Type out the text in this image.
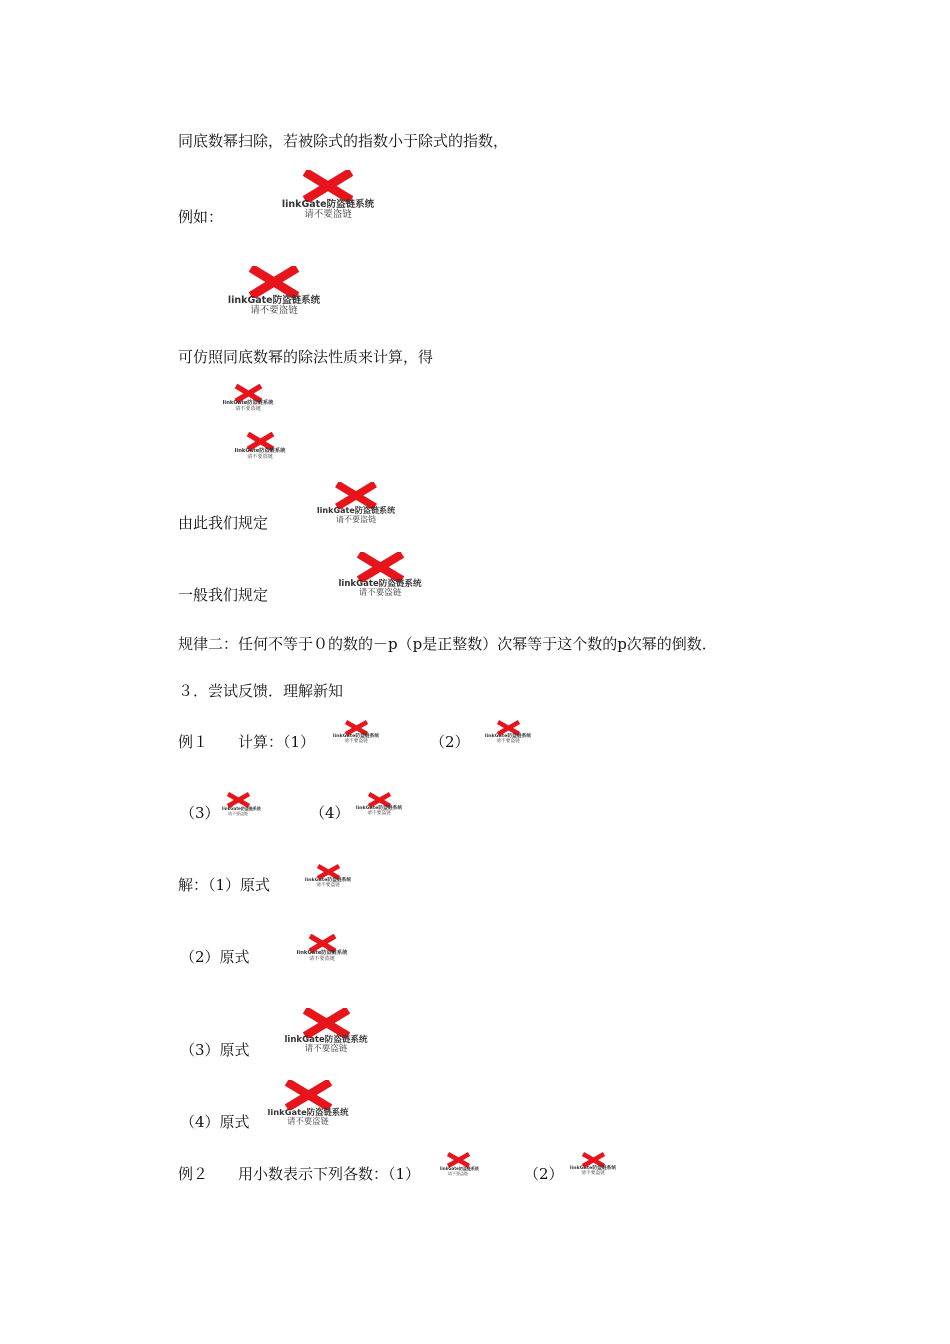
同底数幂扫除，若被除式的指数小于除式的指数，
例如：
可仿照同底数幂的除法性质来计算，得
由此我们规定
一般我们规定
规律二：任何不等于０的数的－p（p是正整数）次幂等于这个数的p次幂的倒数．
３．尝试反馈．理解新知
例１　　计算：（1）	（2）
（3）	（4）
解：（1）原式
（2）原式
（3）原式
（4）原式
例２　　用小数表示下列各数：（1）	（2）
linkGate防盗链系统
请不要盗链
linkGate防盗链系统
请不要盗链
linkGate防盗链系统
请不要盗链
linkGate防盗链系统
请不要盗链
linkGate防盗链系统
请不要盗链
linkGate防盗链系统
请不要盗链
linkGate防盗链系统
请不要盗链
linkGate防盗链系统
请不要盗链
linkGate防盗链系统
请不要盗链
linkGate防盗链系统
请不要盗链
linkGate防盗链系统
请不要盗链
linkGate防盗链系统
请不要盗链
linkGate防盗链系统
请不要盗链
linkGate防盗链系统
请不要盗链
linkGate防盗链系统
请不要盗链
linkGate防盗链系统
请不要盗链
